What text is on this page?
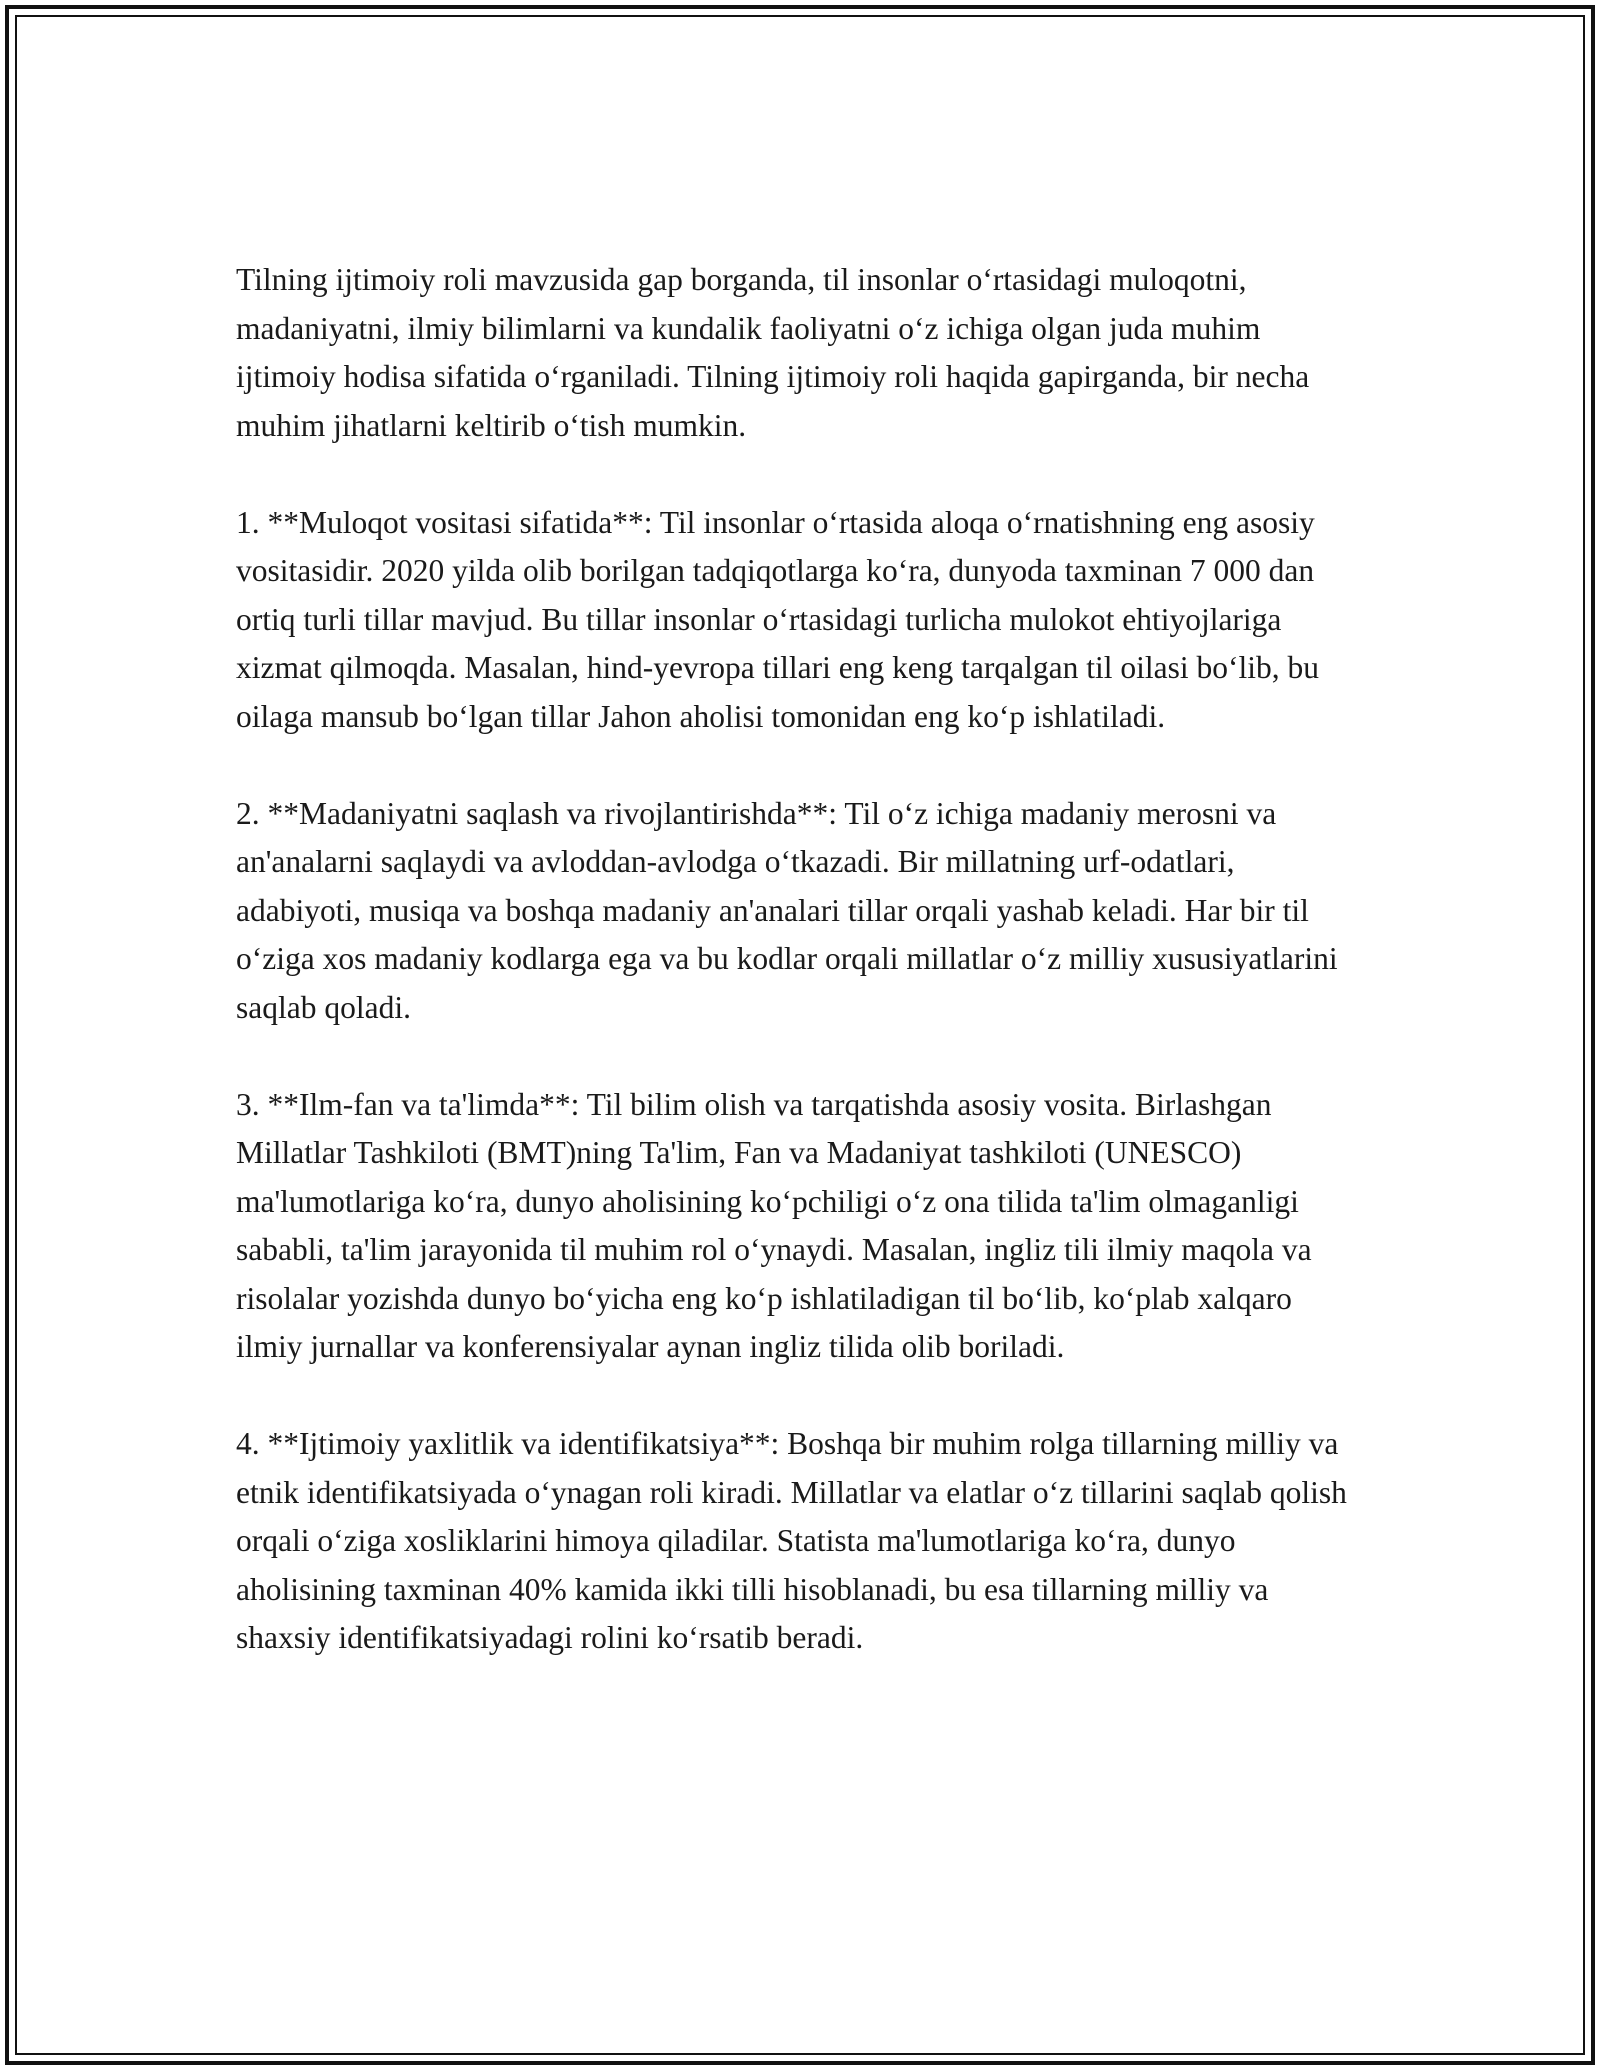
Tilning ijtimoiy roli mavzusida gap borganda, til insonlar o‘rtasidagi muloqotni, madaniyatni, ilmiy bilimlarni va kundalik faoliyatni o‘z ichiga olgan juda muhim ijtimoiy hodisa sifatida o‘rganiladi. Tilning ijtimoiy roli haqida gapirganda, bir necha muhim jihatlarni keltirib o‘tish mumkin.

1. **Muloqot vositasi sifatida**: Til insonlar o‘rtasida aloqa o‘rnatishning eng asosiy vositasidir. 2020 yilda olib borilgan tadqiqotlarga ko‘ra, dunyoda taxminan 7 000 dan ortiq turli tillar mavjud. Bu tillar insonlar o‘rtasidagi turlicha mulokot ehtiyojlariga xizmat qilmoqda. Masalan, hind-yevropa tillari eng keng tarqalgan til oilasi bo‘lib, bu oilaga mansub bo‘lgan tillar Jahon aholisi tomonidan eng ko‘p ishlatiladi.

2. **Madaniyatni saqlash va rivojlantirishda**: Til o‘z ichiga madaniy merosni va an'analarni saqlaydi va avloddan-avlodga o‘tkazadi. Bir millatning urf-odatlari, adabiyoti, musiqa va boshqa madaniy an'analari tillar orqali yashab keladi. Har bir til o‘ziga xos madaniy kodlarga ega va bu kodlar orqali millatlar o‘z milliy xususiyatlarini saqlab qoladi.

3. **Ilm-fan va ta'limda**: Til bilim olish va tarqatishda asosiy vosita. Birlashgan Millatlar Tashkiloti (BMT)ning Ta'lim, Fan va Madaniyat tashkiloti (UNESCO) ma'lumotlariga ko‘ra, dunyo aholisining ko‘pchiligi o‘z ona tilida ta'lim olmaganligi sababli, ta'lim jarayonida til muhim rol o‘ynaydi. Masalan, ingliz tili ilmiy maqola va risolalar yozishda dunyo bo‘yicha eng ko‘p ishlatiladigan til bo‘lib, ko‘plab xalqaro ilmiy jurnallar va konferensiyalar aynan ingliz tilida olib boriladi.

4. **Ijtimoiy yaxlitlik va identifikatsiya**: Boshqa bir muhim rolga tillarning milliy va etnik identifikatsiyada o‘ynagan roli kiradi. Millatlar va elatlar o‘z tillarini saqlab qolish orqali o‘ziga xosliklarini himoya qiladilar. Statista ma'lumotlariga ko‘ra, dunyo aholisining taxminan 40% kamida ikki tilli hisoblanadi, bu esa tillarning milliy va shaxsiy identifikatsiyadagi rolini ko‘rsatib beradi.
